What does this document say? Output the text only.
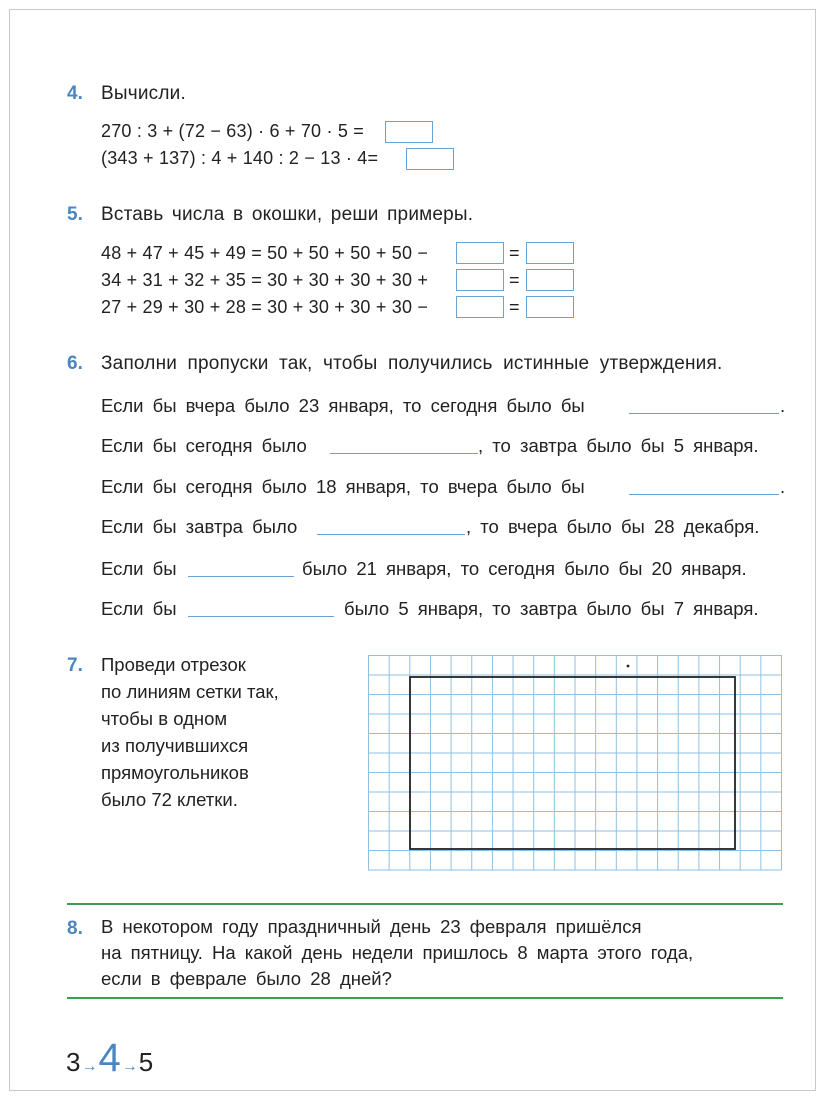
4. Вычисли.
270 : 3 + (72 − 63) · 6 + 70 · 5 =
(343 + 137) : 4 + 140 : 2 − 13 · 4=
5. Вставь числа в окошки, реши примеры.
48 + 47 + 45 + 49 = 50 + 50 + 50 + 50 −	=
34 + 31 + 32 + 35 = 30 + 30 + 30 + 30 +	=
27 + 29 + 30 + 28 = 30 + 30 + 30 + 30 −	=
6. Заполни пропуски так, чтобы получились истинные утверждения.
Если бы вчера было 23 января, то сегодня было бы	.
Если бы сегодня было	, то завтра было бы 5 января.
Если бы сегодня было 18 января, то вчера было бы	.
Если бы завтра было	, то вчера было бы 28 декабря.
Если бы	было 21 января, то сегодня было бы 20 января.
Если бы	было 5 января, то завтра было бы 7 января.
7. Проведи отрезок
по линиям сетки так,
чтобы в одном
из получившихся
прямоугольников
было 72 клетки.
8. В некотором году праздничный день 23 февраля пришёлся
на пятницу. На какой день недели пришлось 8 марта этого года,
если в феврале было 28 дней?
3 → 4 → 5
